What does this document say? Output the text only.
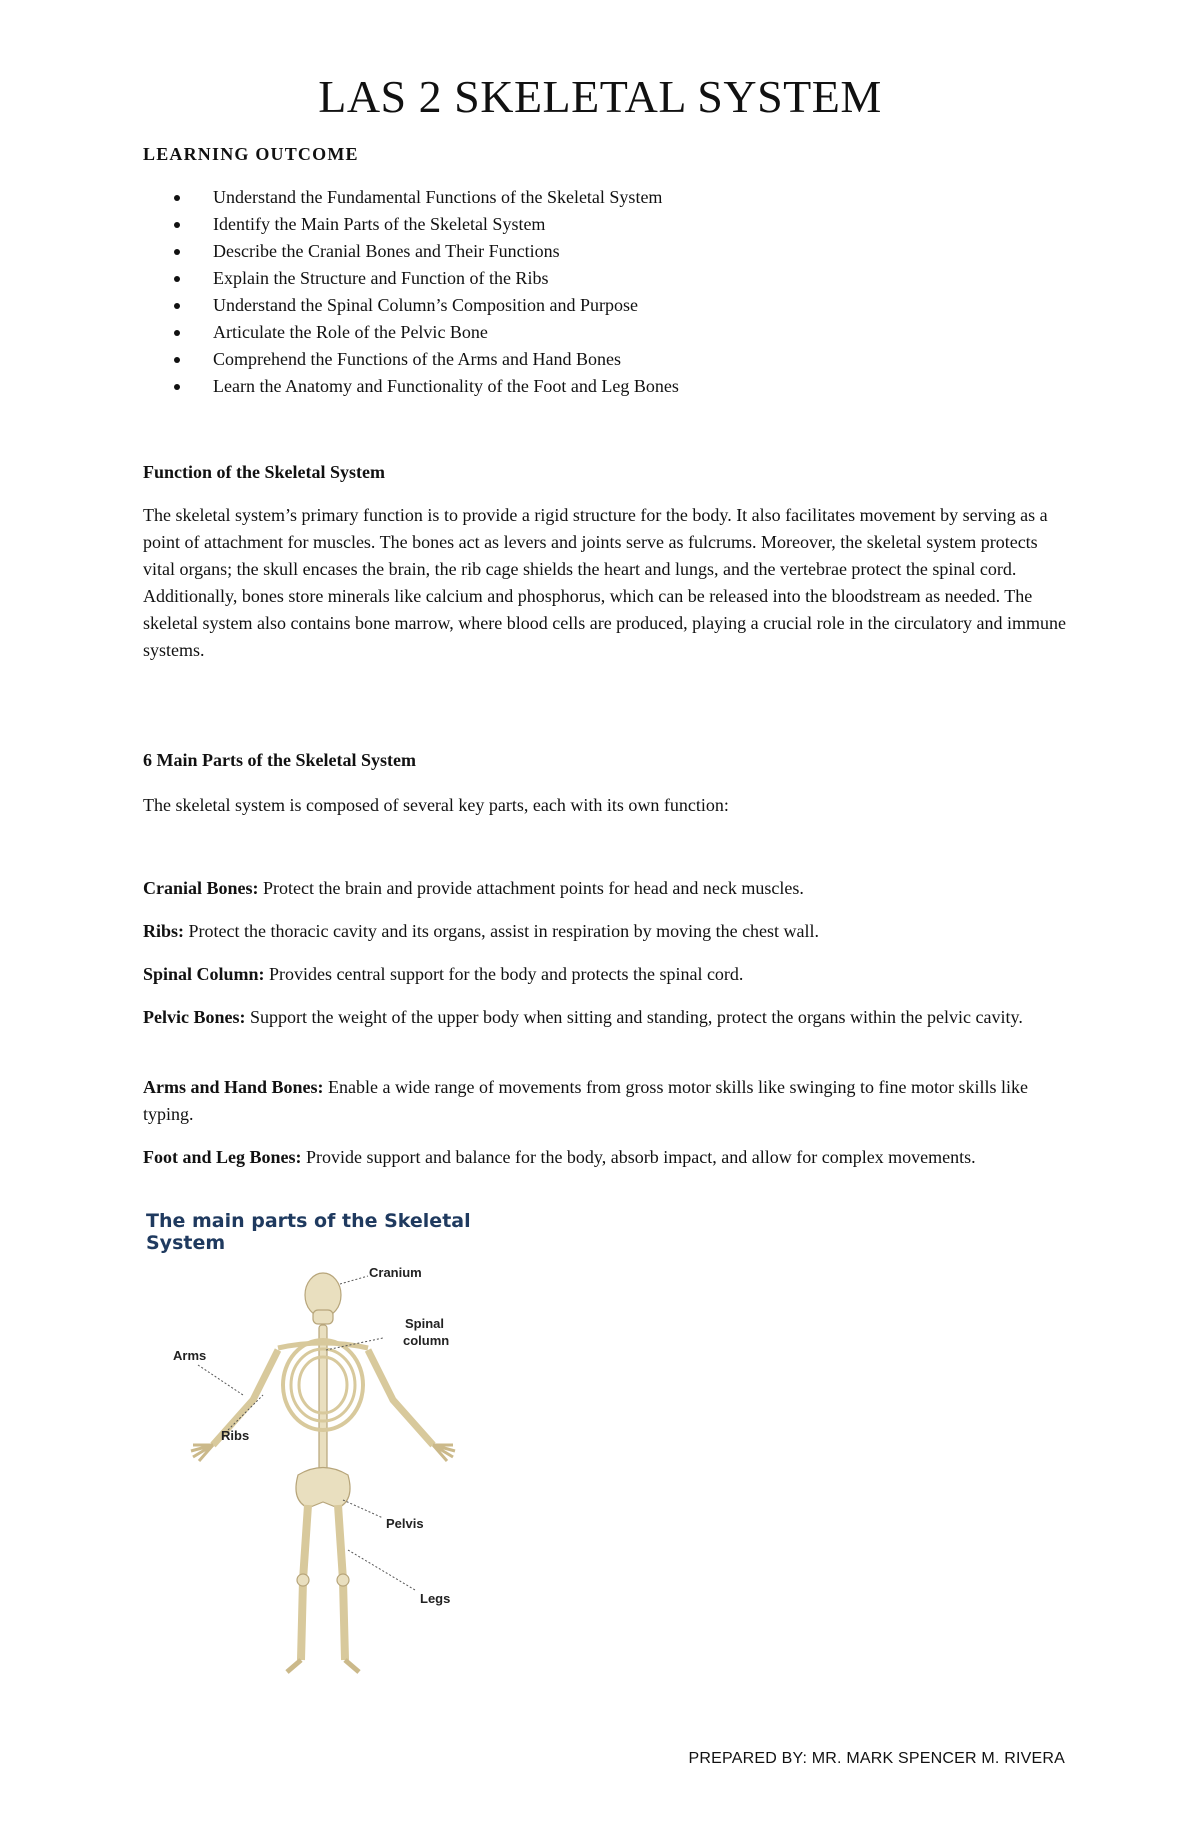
LAS 2 SKELETAL SYSTEM

LEARNING OUTCOME

Understand the Fundamental Functions of the Skeletal System
Identify the Main Parts of the Skeletal System
Describe the Cranial Bones and Their Functions
Explain the Structure and Function of the Ribs
Understand the Spinal Column’s Composition and Purpose
Articulate the Role of the Pelvic Bone
Comprehend the Functions of the Arms and Hand Bones
Learn the Anatomy and Functionality of the Foot and Leg Bones

Function of the Skeletal System

The skeletal system’s primary function is to provide a rigid structure for the body. It also facilitates movement by serving as a point of attachment for muscles. The bones act as levers and joints serve as fulcrums. Moreover, the skeletal system protects vital organs; the skull encases the brain, the rib cage shields the heart and lungs, and the vertebrae protect the spinal cord. Additionally, bones store minerals like calcium and phosphorus, which can be released into the bloodstream as needed. The skeletal system also contains bone marrow, where blood cells are produced, playing a crucial role in the circulatory and immune systems.

6 Main Parts of the Skeletal System

The skeletal system is composed of several key parts, each with its own function:

Cranial Bones: Protect the brain and provide attachment points for head and neck muscles.

Ribs: Protect the thoracic cavity and its organs, assist in respiration by moving the chest wall.

Spinal Column: Provides central support for the body and protects the spinal cord.

Pelvic Bones: Support the weight of the upper body when sitting and standing, protect the organs within the pelvic cavity.

Arms and Hand Bones: Enable a wide range of movements from gross motor skills like swinging to fine motor skills like typing.

Foot and Leg Bones: Provide support and balance for the body, absorb impact, and allow for complex movements.

The main parts of the Skeletal System

Cranium
Spinal
column
Arms
Ribs
Pelvis
Legs
PREPARED BY: MR. MARK SPENCER M. RIVERA
